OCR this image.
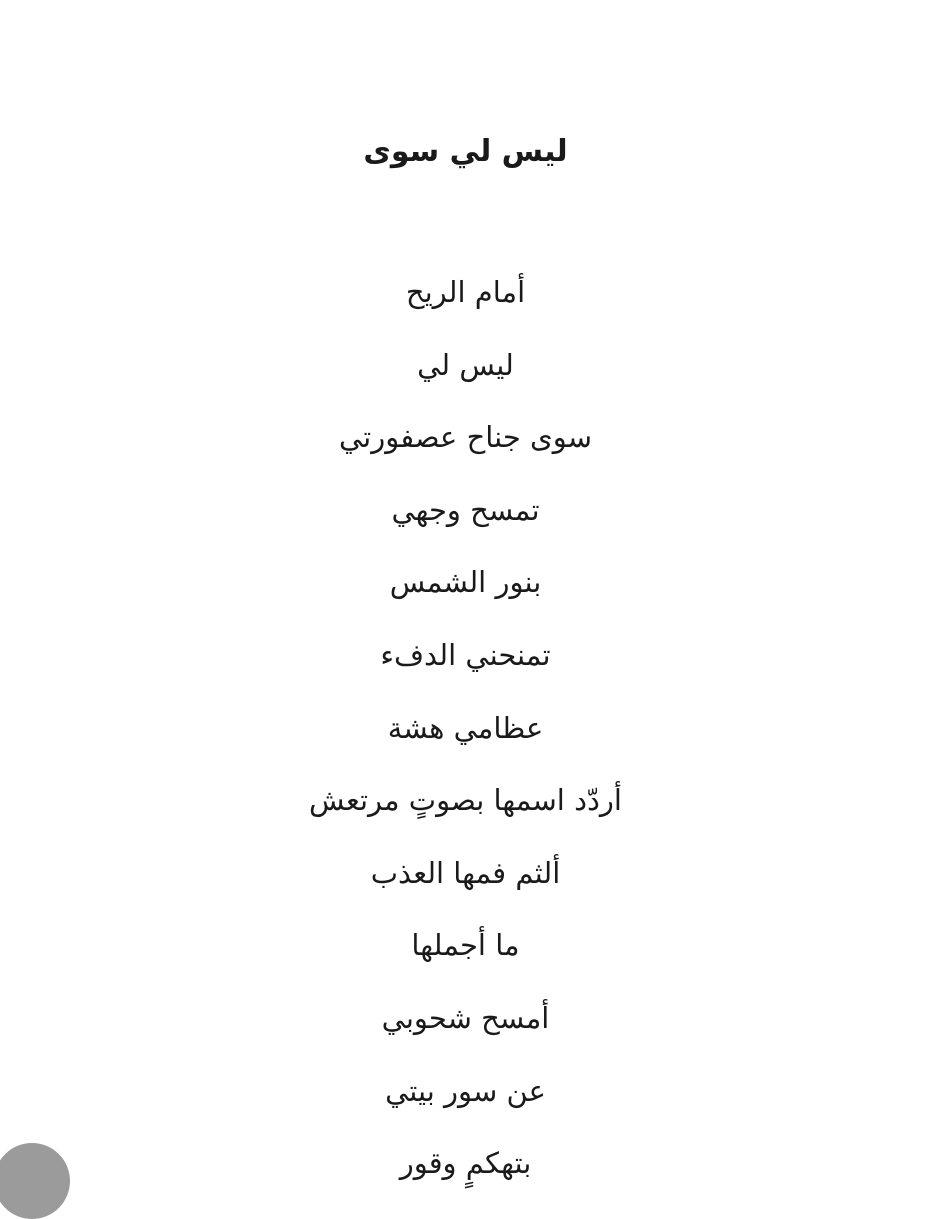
ليس لي سوى
أمام الريح
ليس لي
سوى جناح عصفورتي
تمسح وجهي
بنور الشمس
تمنحني الدفء
عظامي هشة
أردّد اسمها بصوتٍ مرتعش
ألثم فمها العذب
ما أجملها
أمسح شحوبي
عن سور بيتي
بتهكمٍ وقور
